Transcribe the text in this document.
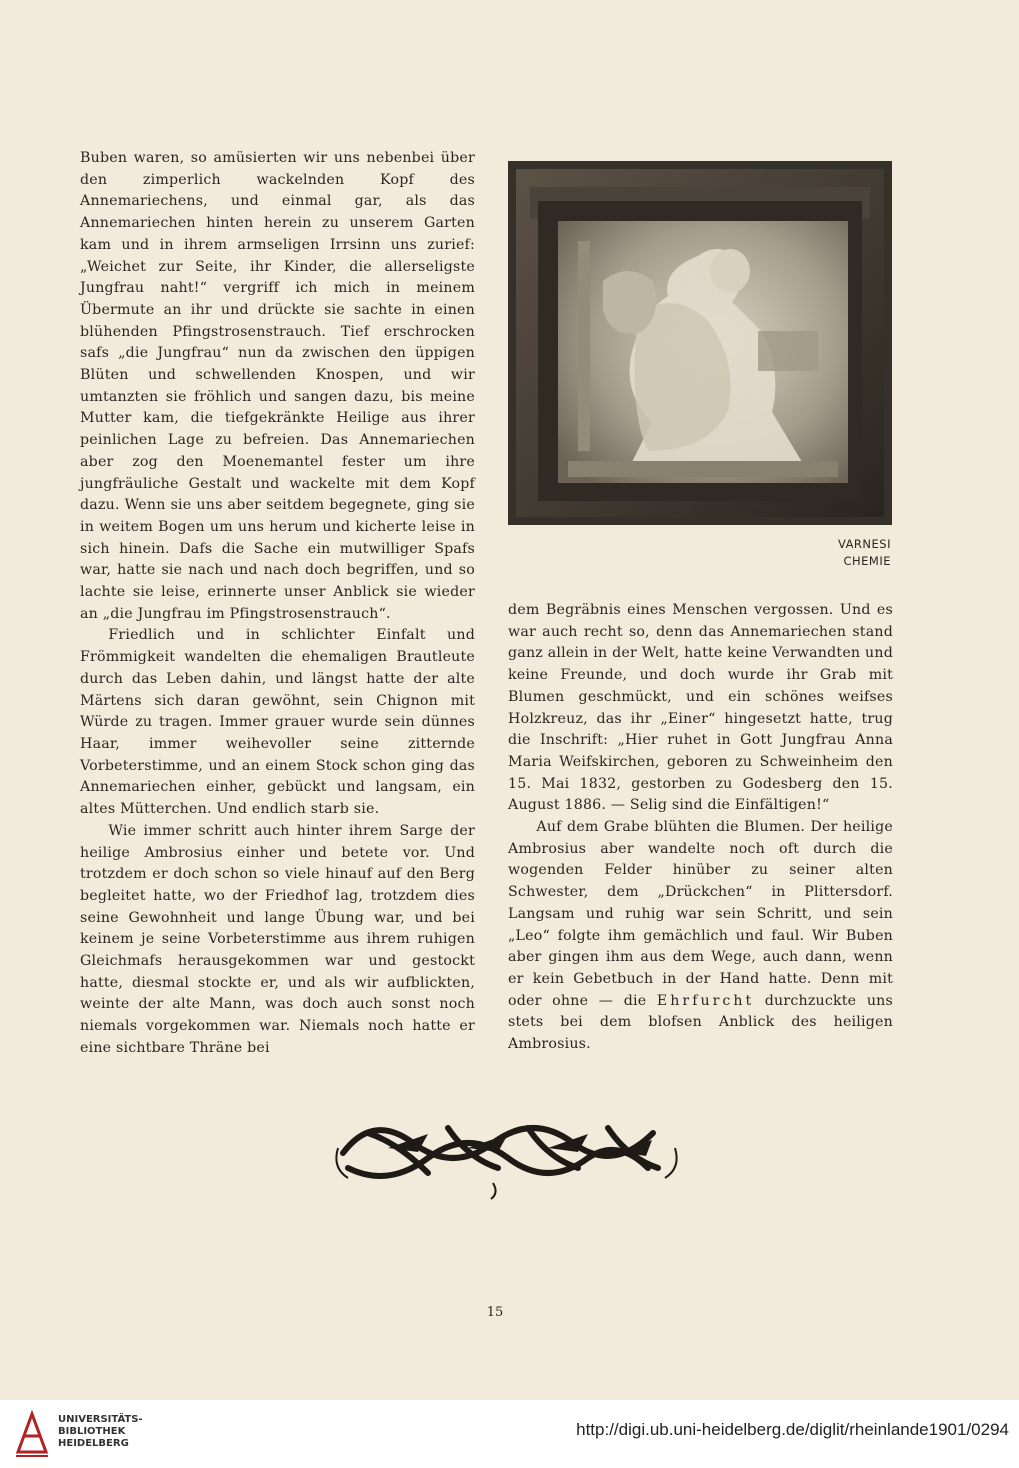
Buben waren, so amüsierten wir uns nebenbei über den zimperlich wackelnden Kopf des Annemariechens, und einmal gar, als das Annemariechen hinten herein zu unserem Garten kam und in ihrem armseligen Irrsinn uns zurief: „Weichet zur Seite, ihr Kinder, die allerseligste Jungfrau naht!“ vergriff ich mich in meinem Übermute an ihr und drückte sie sachte in einen blühenden Pfingstrosenstrauch. Tief erschrocken safs „die Jungfrau“ nun da zwischen den üppigen Blüten und schwellenden Knospen, und wir umtanzten sie fröhlich und sangen dazu, bis meine Mutter kam, die tiefgekränkte Heilige aus ihrer peinlichen Lage zu befreien. Das Annemariechen aber zog den Moenemantel fester um ihre jungfräuliche Gestalt und wackelte mit dem Kopf dazu. Wenn sie uns aber seitdem begegnete, ging sie in weitem Bogen um uns herum und kicherte leise in sich hinein. Dafs die Sache ein mutwilliger Spafs war, hatte sie nach und nach doch begriffen, und so lachte sie leise, erinnerte unser Anblick sie wieder an „die Jungfrau im Pfingstrosenstrauch“.

Friedlich und in schlichter Einfalt und Frömmigkeit wandelten die ehemaligen Brautleute durch das Leben dahin, und längst hatte der alte Märtens sich daran gewöhnt, sein Chignon mit Würde zu tragen. Immer grauer wurde sein dünnes Haar, immer weihevoller seine zitternde Vorbeterstimme, und an einem Stock schon ging das Annemariechen einher, gebückt und langsam, ein altes Mütterchen. Und endlich starb sie.

Wie immer schritt auch hinter ihrem Sarge der heilige Ambrosius einher und betete vor. Und trotzdem er doch schon so viele hinauf auf den Berg begleitet hatte, wo der Friedhof lag, trotzdem dies seine Gewohnheit und lange Übung war, und bei keinem je seine Vorbeterstimme aus ihrem ruhigen Gleichmafs herausgekommen war und gestockt hatte, diesmal stockte er, und als wir aufblickten, weinte der alte Mann, was doch auch sonst noch niemals vorgekommen war. Niemals noch hatte er eine sichtbare Thräne bei

VARNESI
CHEMIE

dem Begräbnis eines Menschen vergossen. Und es war auch recht so, denn das Annemariechen stand ganz allein in der Welt, hatte keine Verwandten und keine Freunde, und doch wurde ihr Grab mit Blumen geschmückt, und ein schönes weifses Holzkreuz, das ihr „Einer“ hingesetzt hatte, trug die Inschrift: „Hier ruhet in Gott Jungfrau Anna Maria Weifskirchen, geboren zu Schweinheim den 15. Mai 1832, gestorben zu Godesberg den 15. August 1886. — Selig sind die Einfältigen!“

Auf dem Grabe blühten die Blumen. Der heilige Ambrosius aber wandelte noch oft durch die wogenden Felder hinüber zu seiner alten Schwester, dem „Drückchen“ in Plittersdorf. Langsam und ruhig war sein Schritt, und sein „Leo“ folgte ihm gemächlich und faul. Wir Buben aber gingen ihm aus dem Wege, auch dann, wenn er kein Gebetbuch in der Hand hatte. Denn mit oder ohne — die Ehrfurcht durchzuckte uns stets bei dem blofsen Anblick des heiligen Ambrosius.

15
UNIVERSITÄTS-
BIBLIOTHEK
HEIDELBERG
http://digi.ub.uni-heidelberg.de/diglit/rheinlande1901/0294
